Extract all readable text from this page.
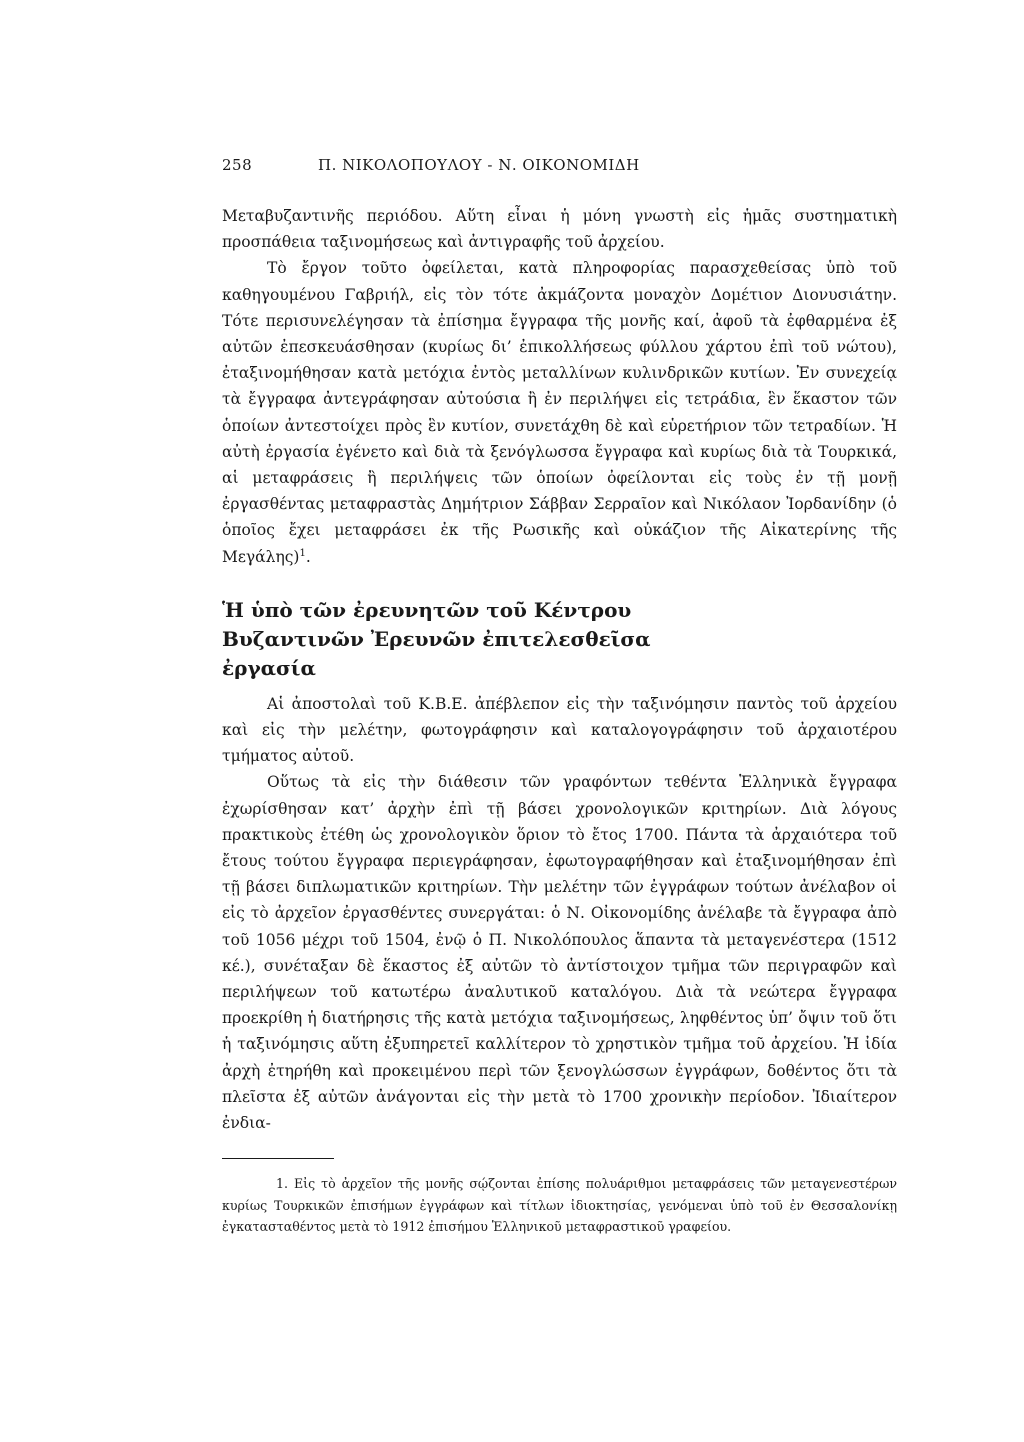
258	Π. ΝΙΚΟΛΟΠΟΥΛΟΥ - Ν. ΟΙΚΟΝΟΜΙΔΗ

Μεταβυζαντινῆς περιόδου. Αὕτη εἶναι ἡ μόνη γνωστὴ εἰς ἡμᾶς συστηματικὴ προσπάθεια ταξινομήσεως καὶ ἀντιγραφῆς τοῦ ἀρχείου.

Τὸ ἔργον τοῦτο ὀφείλεται, κατὰ πληροφορίας παρασχεθείσας ὑπὸ τοῦ καθηγουμένου Γαβριήλ, εἰς τὸν τότε ἀκμάζοντα μοναχὸν Δομέτιον Διονυσιάτην. Τότε περισυνελέγησαν τὰ ἐπίσημα ἔγγραφα τῆς μονῆς καί, ἀφοῦ τὰ ἐφθαρμένα ἐξ αὐτῶν ἐπεσκευάσθησαν (κυρίως δι’ ἐπικολλήσεως φύλλου χάρτου ἐπὶ τοῦ νώτου), ἐταξινομήθησαν κατὰ μετόχια ἐντὸς μεταλλίνων κυλινδρικῶν κυτίων. Ἐν συνεχείᾳ τὰ ἔγγραφα ἀντεγράφησαν αὐτούσια ἢ ἐν περιλήψει εἰς τετράδια, ἓν ἕκαστον τῶν ὁποίων ἀντεστοίχει πρὸς ἓν κυτίον, συνετάχθη δὲ καὶ εὑρετήριον τῶν τετραδίων. Ἡ αὐτὴ ἐργασία ἐγένετο καὶ διὰ τὰ ξενόγλωσσα ἔγγραφα καὶ κυρίως διὰ τὰ Τουρκικά, αἱ μεταφράσεις ἢ περιλήψεις τῶν ὁποίων ὀφείλονται εἰς τοὺς ἐν τῇ μονῇ ἐργασθέντας μεταφραστὰς Δημήτριον Σάββαν Σερραῖον καὶ Νικόλαον Ἰορδανίδην (ὁ ὁποῖος ἔχει μεταφράσει ἐκ τῆς Ρωσικῆς καὶ οὐκάζιον τῆς Αἰκατερίνης τῆς Μεγάλης)$^1$.

Ἡ ὑπὸ τῶν ἐρευνητῶν τοῦ Κέντρου Βυζαντινῶν Ἐρευνῶν ἐπιτελεσθεῖσα ἐργασία

Αἱ ἀποστολαὶ τοῦ Κ.Β.Ε. ἀπέβλεπον εἰς τὴν ταξινόμησιν παντὸς τοῦ ἀρχείου καὶ εἰς τὴν μελέτην, φωτογράφησιν καὶ καταλογογράφησιν τοῦ ἀρχαιοτέρου τμήματος αὐτοῦ.

Οὕτως τὰ εἰς τὴν διάθεσιν τῶν γραφόντων τεθέντα Ἑλληνικὰ ἔγγραφα ἐχωρίσθησαν κατ’ ἀρχὴν ἐπὶ τῇ βάσει χρονολογικῶν κριτηρίων. Διὰ λόγους πρακτικοὺς ἐτέθη ὡς χρονολογικὸν ὅριον τὸ ἔτος 1700. Πάντα τὰ ἀρχαιότερα τοῦ ἔτους τούτου ἔγγραφα περιεγράφησαν, ἐφωτογραφήθησαν καὶ ἐταξινομήθησαν ἐπὶ τῇ βάσει διπλωματικῶν κριτηρίων. Τὴν μελέτην τῶν ἐγγράφων τούτων ἀνέλαβον οἱ εἰς τὸ ἀρχεῖον ἐργασθέντες συνεργάται: ὁ Ν. Οἰκονομίδης ἀνέλαβε τὰ ἔγγραφα ἀπὸ τοῦ 1056 μέχρι τοῦ 1504, ἐνῷ ὁ Π. Νικολόπουλος ἅπαντα τὰ μεταγενέστερα (1512 κέ.), συνέταξαν δὲ ἕκαστος ἐξ αὐτῶν τὸ ἀντίστοιχον τμῆμα τῶν περιγραφῶν καὶ περιλήψεων τοῦ κατωτέρω ἀναλυτικοῦ καταλόγου. Διὰ τὰ νεώτερα ἔγγραφα προεκρίθη ἡ διατήρησις τῆς κατὰ μετόχια ταξινομήσεως, ληφθέντος ὑπ’ ὄψιν τοῦ ὅτι ἡ ταξινόμησις αὕτη ἐξυπηρετεῖ καλλίτερον τὸ χρηστικὸν τμῆμα τοῦ ἀρχείου. Ἡ ἰδία ἀρχὴ ἐτηρήθη καὶ προκειμένου περὶ τῶν ξενογλώσσων ἐγγράφων, δοθέντος ὅτι τὰ πλεῖστα ἐξ αὐτῶν ἀνάγονται εἰς τὴν μετὰ τὸ 1700 χρονικὴν περίοδον. Ἰδιαίτερον ἐνδια-

1. Εἰς τὸ ἀρχεῖον τῆς μονῆς σῴζονται ἐπίσης πολυάριθμοι μεταφράσεις τῶν μεταγενεστέρων κυρίως Τουρκικῶν ἐπισήμων ἐγγράφων καὶ τίτλων ἰδιοκτησίας, γενόμεναι ὑπὸ τοῦ ἐν Θεσσαλονίκῃ ἐγκατασταθέντος μετὰ τὸ 1912 ἐπισήμου Ἑλληνικοῦ μεταφραστικοῦ γραφείου.
